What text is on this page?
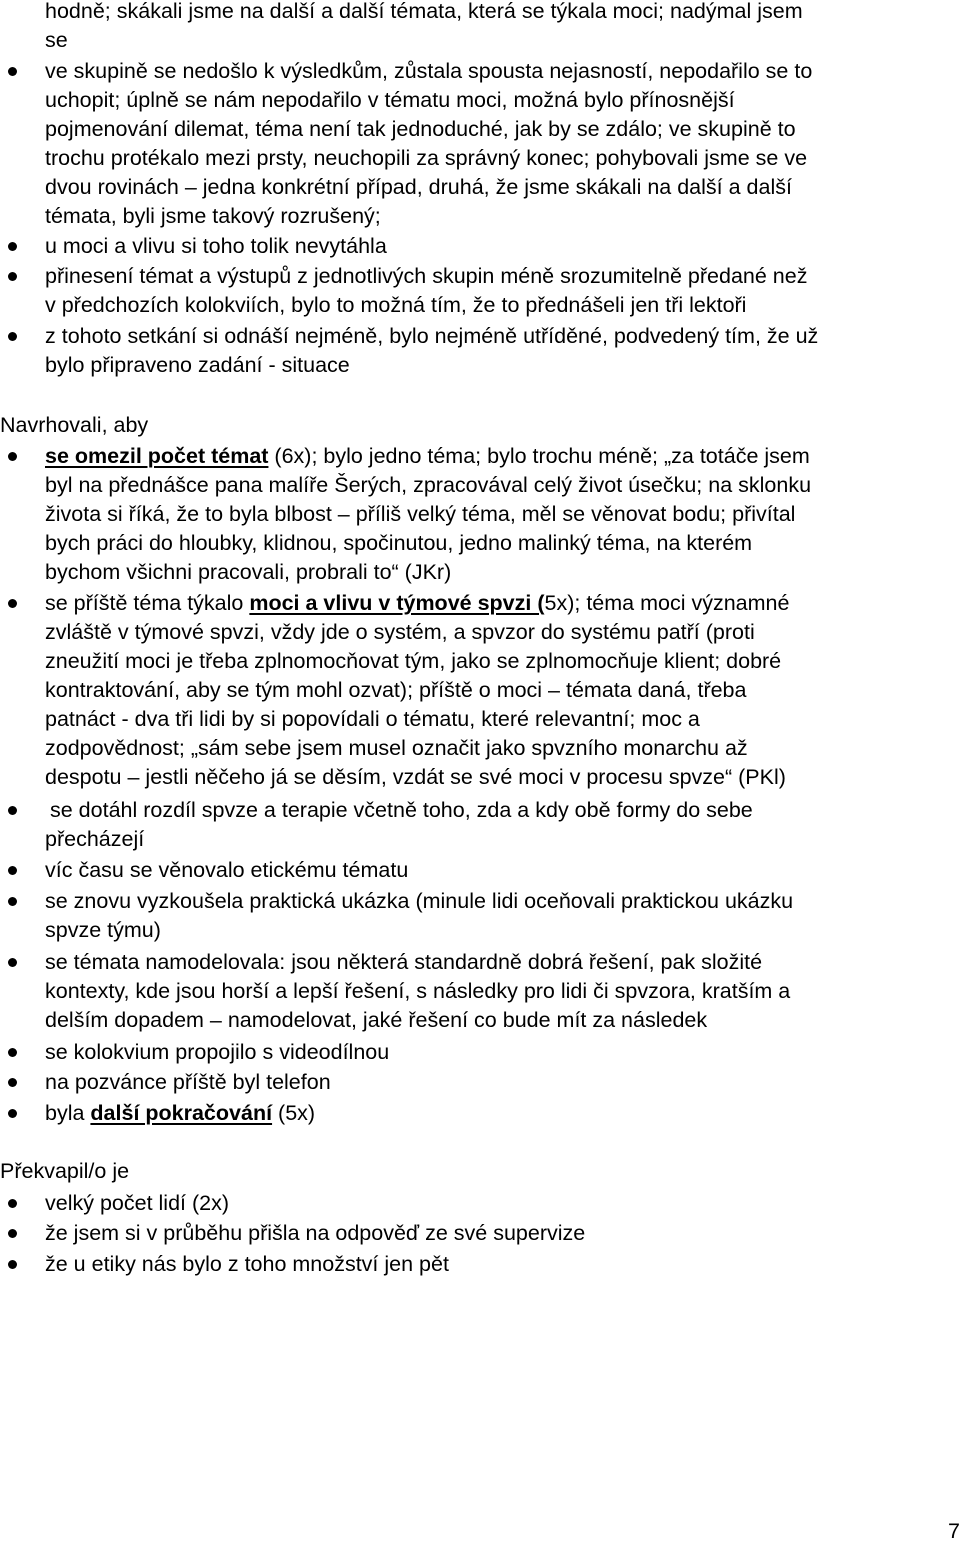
hodně; skákali jsme na další a další témata, která se týkala moci; nadýmal jsem
se
ve skupině se nedošlo k výsledkům, zůstala spousta nejasností, nepodařilo se to
uchopit; úplně se nám nepodařilo v tématu moci, možná bylo přínosnější
pojmenování dilemat, téma není tak jednoduché, jak by se zdálo; ve skupině to
trochu protékalo mezi prsty, neuchopili za správný konec; pohybovali jsme se ve
dvou rovinách – jedna konkrétní případ, druhá, že jsme skákali na další a další
témata, byli jsme takový rozrušený;
u moci a vlivu si toho tolik nevytáhla
přinesení témat a výstupů z jednotlivých skupin méně srozumitelně předané než
v předchozích kolokviích, bylo to možná tím, že to přednášeli jen tři lektoři
z tohoto setkání si odnáší nejméně, bylo nejméně utříděné, podvedený tím, že už
bylo připraveno zadání - situace
Navrhovali, aby
se omezil počet témat (6x); bylo jedno téma; bylo trochu méně; „za totáče jsem
byl na přednášce pana malíře Šerých, zpracovával celý život úsečku; na sklonku
života si říká, že to byla blbost – příliš velký téma, měl se věnovat bodu; přivítal
bych práci do hloubky, klidnou, spočinutou, jedno malinký téma, na kterém
bychom všichni pracovali, probrali to“ (JKr)
se příště téma týkalo moci a vlivu v týmové spvzi (5x); téma moci významné
zvláště v týmové spvzi, vždy jde o systém, a spvzor do systému patří (proti
zneužití moci je třeba zplnomocňovat tým, jako se zplnomocňuje klient; dobré
kontraktování, aby se tým mohl ozvat); příště o moci – témata daná, třeba
patnáct - dva tři lidi by si popovídali o tématu, které relevantní; moc a
zodpovědnost; „sám sebe jsem musel označit jako spvzního monarchu až
despotu – jestli něčeho já se děsím, vzdát se své moci v procesu spvze“ (PKl)
se dotáhl rozdíl spvze a terapie včetně toho, zda a kdy obě formy do sebe
přecházejí
víc času se věnovalo etickému tématu
se znovu vyzkoušela praktická ukázka (minule lidi oceňovali praktickou ukázku
spvze týmu)
se témata namodelovala: jsou některá standardně dobrá řešení, pak složité
kontexty, kde jsou horší a lepší řešení, s následky pro lidi či spvzora, kratším a
delším dopadem – namodelovat, jaké řešení co bude mít za následek
se kolokvium propojilo s videodílnou
na pozvánce příště byl telefon
byla další pokračování (5x)
Překvapil/o je
velký počet lidí (2x)
že jsem si v průběhu přišla na odpověď ze své supervize
že u etiky nás bylo z toho množství jen pět
7
